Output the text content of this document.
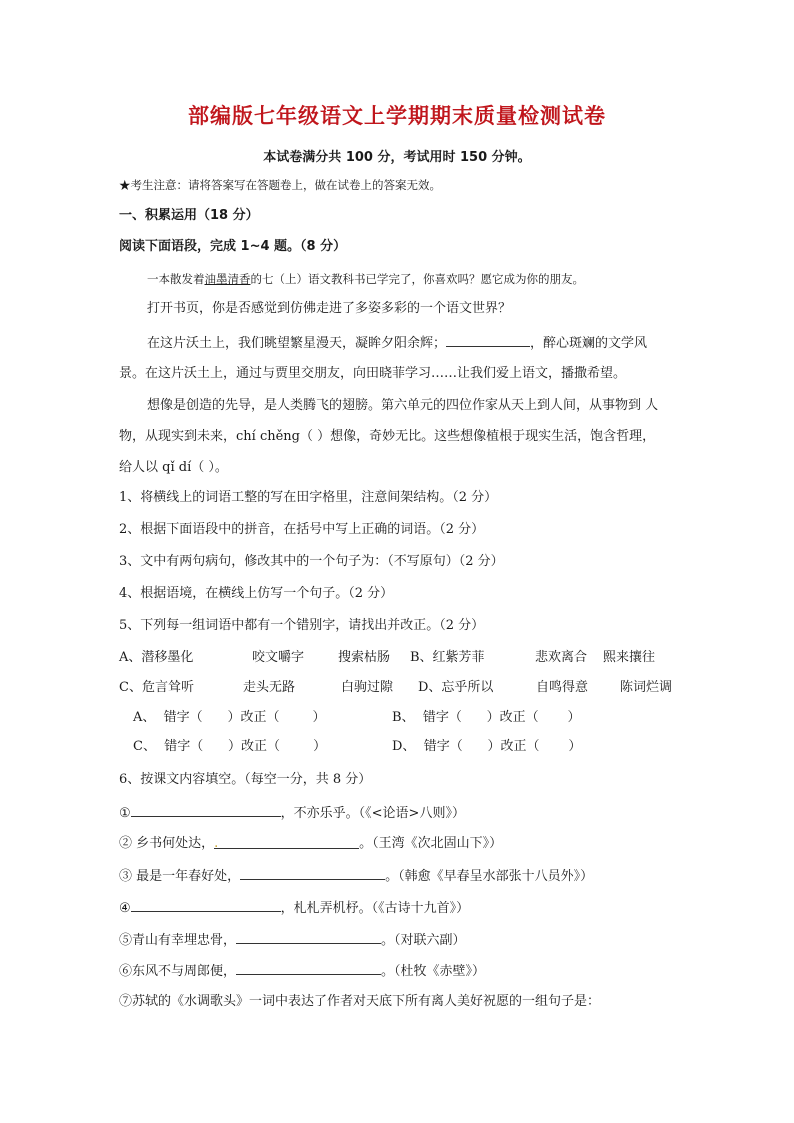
部编版七年级语文上学期期末质量检测试卷
本试卷满分共 100 分，考试用时 150 分钟。
★考生注意：请将答案写在答题卷上，做在试卷上的答案无效。
一、积累运用（18 分）
阅读下面语段，完成 1~4 题。（8 分）
一本散发着油墨清香的七（上）语文教科书已学完了，你喜欢吗？愿它成为你的朋友。
打开书页，你是否感觉到仿佛走进了多姿多彩的一个语文世界？
在这片沃土上，我们眺望繁星漫天，凝眸夕阳余辉；	，醉心斑斓的文学风
景。在这片沃土上，通过与贾里交朋友，向田晓菲学习……让我们爱上语文，播撒希望。
想像是创造的先导，是人类腾飞的翅膀。第六单元的四位作家从天上到人间，从事物到 人
物，从现实到未来，chí chěng（ ）想像，奇妙无比。这些想像植根于现实生活，饱含哲理，
给人以 qǐ dí（ ）。
1、将横线上的词语工整的写在田字格里，注意间架结构。（2 分）
2、根据下面语段中的拼音，在括号中写上正确的词语。（2 分）
3、文中有两句病句，修改其中的一个句子为：（不写原句）（2 分）
4、根据语境，在横线上仿写一个句子。（2 分）
5、下列每一组词语中都有一个错别字，请找出并改正。（2 分）
A、潜移墨化	咬文嚼字	搜索枯肠 B、红紫芳菲	悲欢离合 熙来攘往
C、危言耸听	走头无路	白驹过隙 D、忘乎所以	自鸣得意 陈词烂调
A、  错字（      ）改正（        ）	B、  错字（      ）改正（       ）
C、  错字（      ）改正（        ）	D、  错字（      ）改正（       ）
6、按课文内容填空。（每空一分，共 8 分）
①	，不亦乐乎。（《<论语>八则》）
② 乡书何处达，.	。（王湾《次北固山下》）
③ 最是一年春好处，	。（韩愈《早春呈水部张十八员外》）
④	，札札弄机杼。（《古诗十九首》）
⑤青山有幸埋忠骨，	。（对联六副）
⑥东风不与周郎便，	。（杜牧《赤壁》）
⑦苏轼的《水调歌头》一词中表达了作者对天底下所有离人美好祝愿的一组句子是：
